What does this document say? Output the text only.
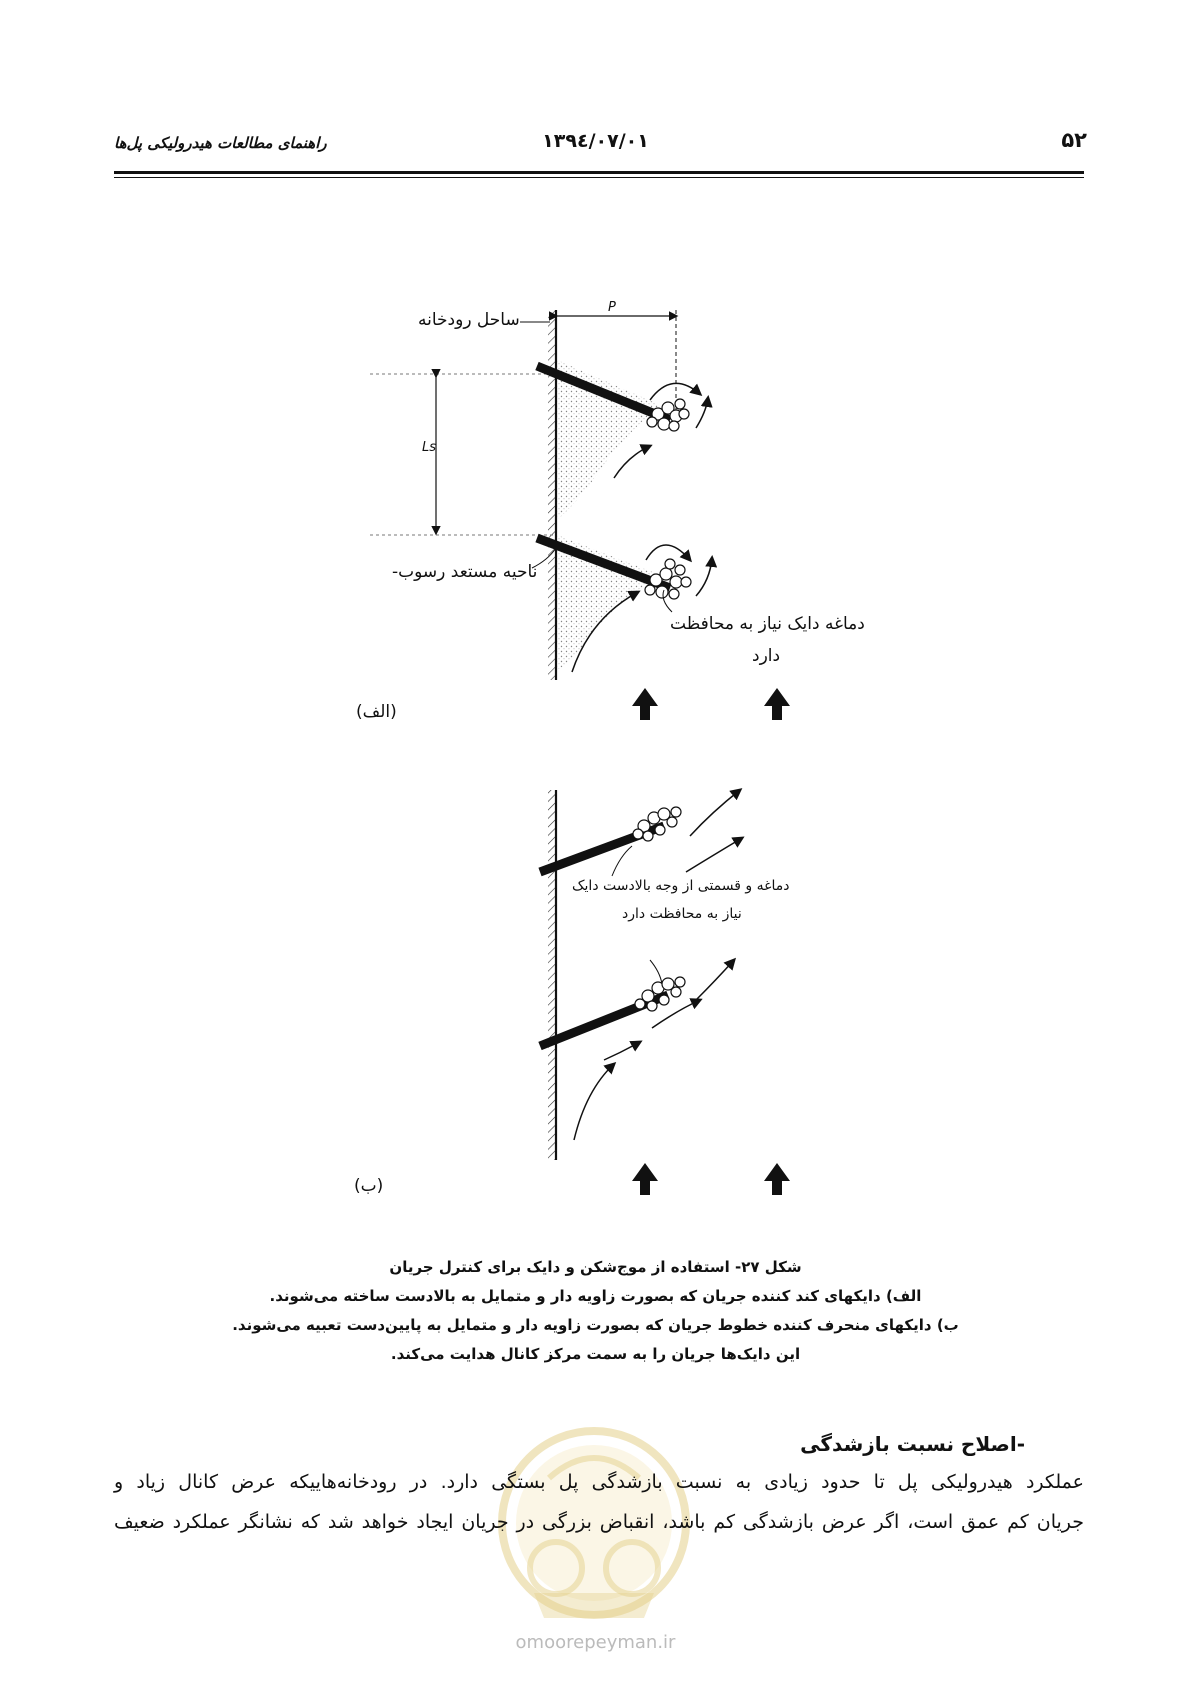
۵۲
۱۳۹٤/۰۷/۰۱
راهنمای مطالعات هیدرولیکی پل‌ها
ساحل رودخانه
P
Ls
ناحیه مستعد رسوب-
دماغه دایک نیاز به محافظت
دارد
(الف)
دماغه و قسمتی از وجه بالادست دایک
نیاز به محافظت دارد
(ب)
شکل ۲۷- استفاده از موج‌شکن و دایک برای کنترل جریان
الف) دایکهای کند کننده جریان که بصورت زاویه دار و متمایل به بالادست ساخته می‌شوند.
ب) دایکهای منحرف کننده خطوط جریان که بصورت زاویه دار و متمایل به پایین‌دست تعبیه می‌شوند.
این دایک‌ها جریان را به سمت مرکز کانال هدایت می‌کند.
-اصلاح نسبت بازشدگی
عملکرد هیدرولیکی پل تا حدود زیادی به نسبت بازشدگی پل بستگی دارد. در رودخانه‌هاییکه عرض کانال زیاد و
جریان کم عمق است، اگر عرض بازشدگی کم باشد، انقباض بزرگی در جریان ایجاد خواهد شد که نشانگر عملکرد ضعیف
omoorepeyman.ir
